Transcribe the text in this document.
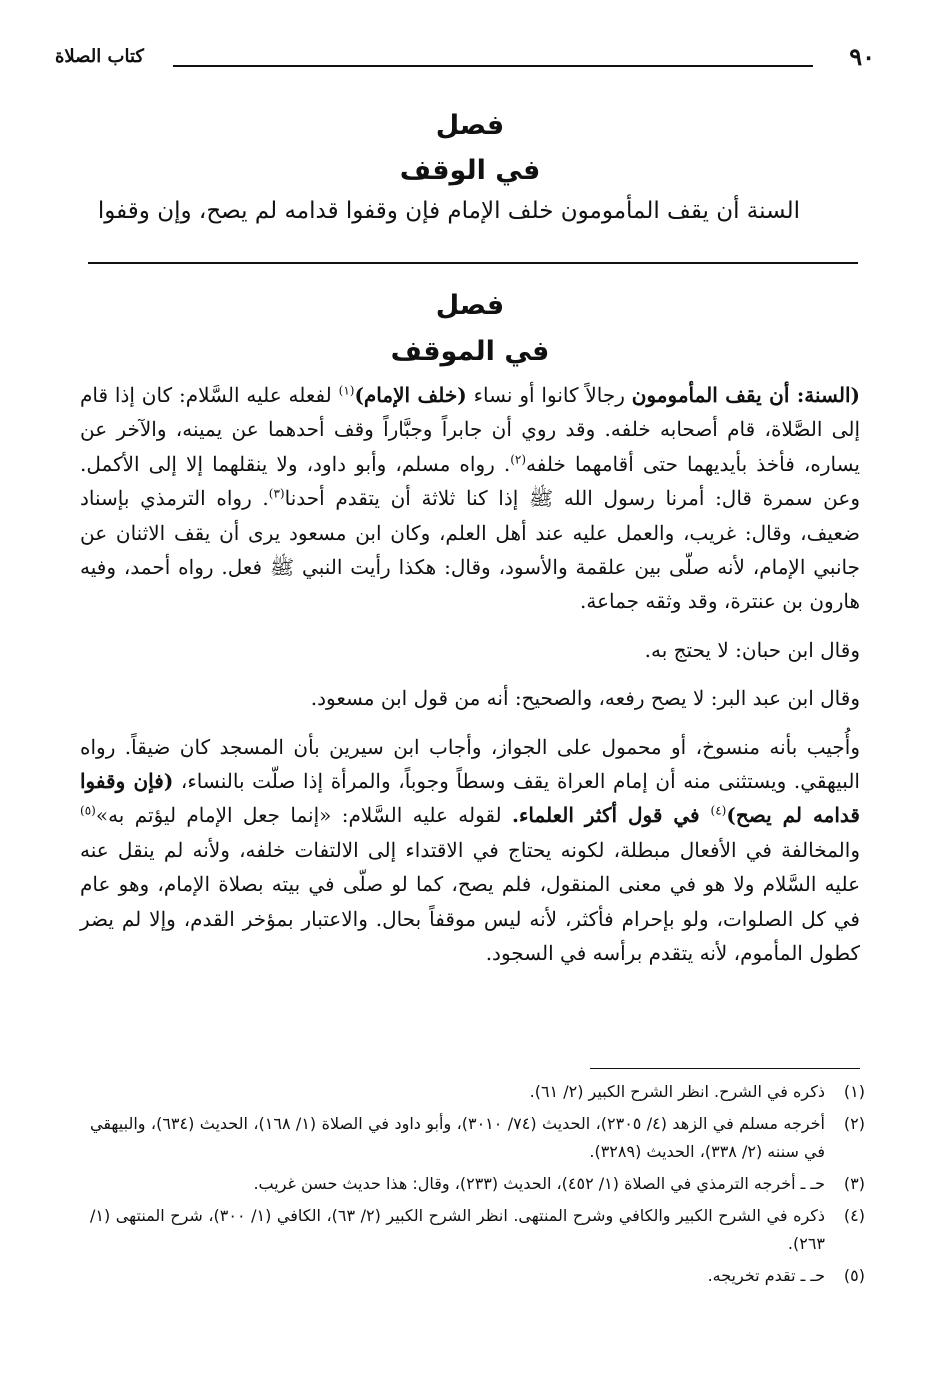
٩٠
كتاب الصلاة
فصل
في الوقف
السنة أن يقف المأمومون خلف الإمام فإن وقفوا قدامه لم يصح، وإن وقفوا
فصل
في الموقف

(السنة: أن يقف المأمومون رجالاً كانوا أو نساء (خلف الإمام)$^{(١)}$ لفعله عليه السَّلام: كان إذا قام إلى الصَّلاة، قام أصحابه خلفه. وقد روي أن جابراً وجبَّاراً وقف أحدهما عن يمينه، والآخر عن يساره، فأخذ بأيديهما حتى أقامهما خلفه$^{(٢)}$. رواه مسلم، وأبو داود، ولا ينقلهما إلا إلى الأكمل. وعن سمرة قال: أمرنا رسول الله ﷺ إذا كنا ثلاثة أن يتقدم أحدنا$^{(٣)}$. رواه الترمذي بإسناد ضعيف، وقال: غريب، والعمل عليه عند أهل العلم، وكان ابن مسعود يرى أن يقف الاثنان عن جانبي الإمام، لأنه صلّى بين علقمة والأسود، وقال: هكذا رأيت النبي ﷺ فعل. رواه أحمد، وفيه هارون بن عنترة، وقد وثقه جماعة.

وقال ابن حبان: لا يحتج به.

وقال ابن عبد البر: لا يصح رفعه، والصحيح: أنه من قول ابن مسعود.

وأُجيب بأنه منسوخ، أو محمول على الجواز، وأجاب ابن سيرين بأن المسجد كان ضيقاً. رواه البيهقي. ويستثنى منه أن إمام العراة يقف وسطاً وجوباً، والمرأة إذا صلّت بالنساء، (فإن وقفوا قدامه لم يصح)$^{(٤)}$ في قول أكثر العلماء. لقوله عليه السَّلام: «إنما جعل الإمام ليؤتم به»$^{(٥)}$ والمخالفة في الأفعال مبطلة، لكونه يحتاج في الاقتداء إلى الالتفات خلفه، ولأنه لم ينقل عنه عليه السَّلام ولا هو في معنى المنقول، فلم يصح، كما لو صلّى في بيته بصلاة الإمام، وهو عام في كل الصلوات، ولو بإحرام فأكثر، لأنه ليس موقفاً بحال. والاعتبار بمؤخر القدم، وإلا لم يضر كطول المأموم، لأنه يتقدم برأسه في السجود.

(١)
ذكره في الشرح. انظر الشرح الكبير (٢/ ٦١).
(٢)
أخرجه مسلم في الزهد (٤/ ٢٣٠٥)، الحديث (٧٤/ ٣٠١٠)، وأبو داود في الصلاة (١/ ١٦٨)، الحديث (٦٣٤)، والبيهقي في سننه (٢/ ٣٣٨)، الحديث (٣٢٨٩).
(٣)
حـ ـ أخرجه الترمذي في الصلاة (١/ ٤٥٢)، الحديث (٢٣٣)، وقال: هذا حديث حسن غريب.
(٤)
ذكره في الشرح الكبير والكافي وشرح المنتهى. انظر الشرح الكبير (٢/ ٦٣)، الكافي (١/ ٣٠٠)، شرح المنتهى (١/ ٢٦٣).
(٥)
حـ ـ تقدم تخريجه.
